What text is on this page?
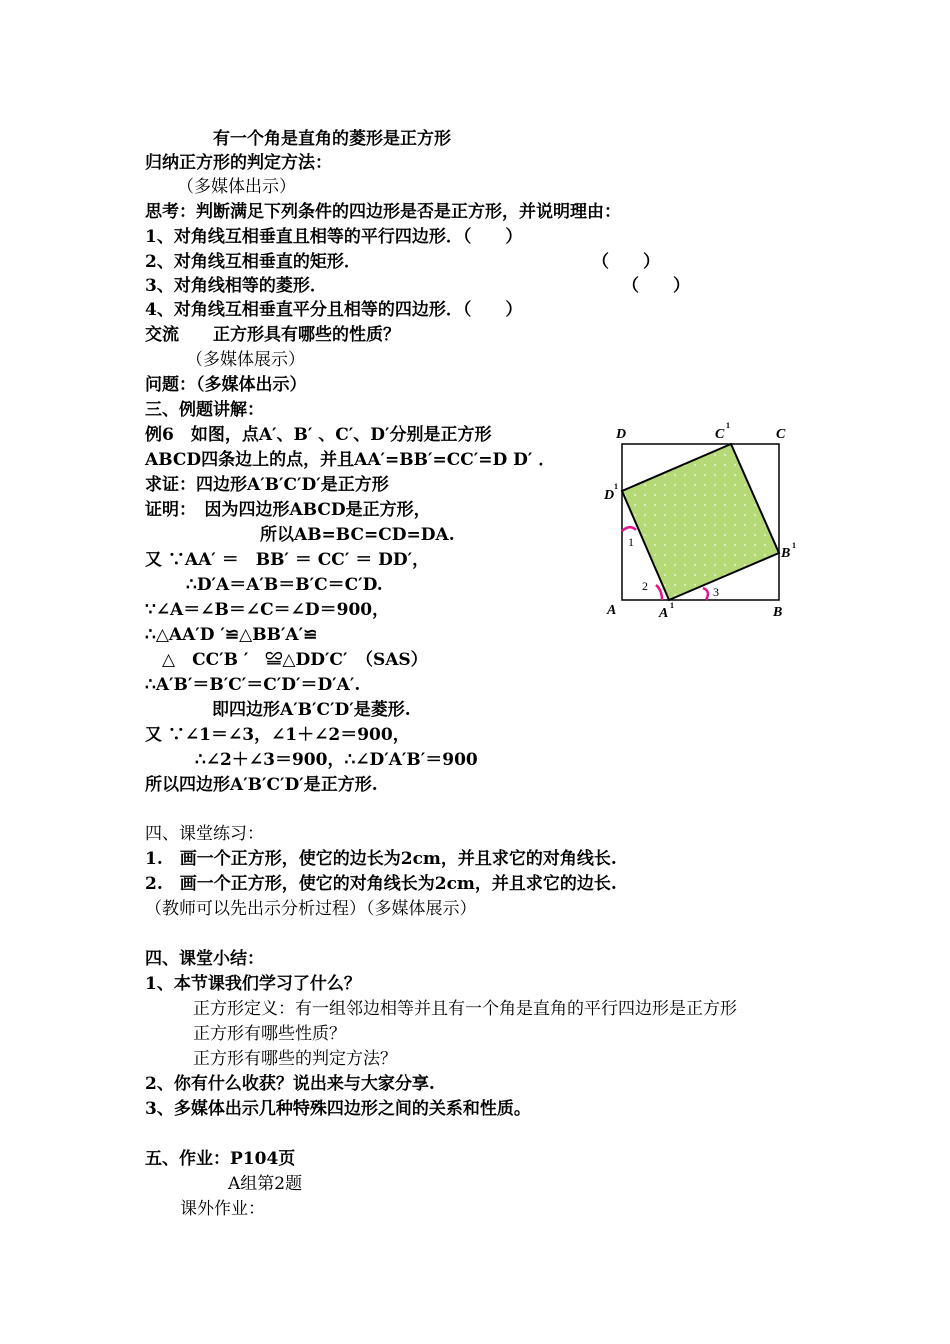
有一个角是直角的菱形是正方形
归纳正方形的判定方法：
（多媒体出示）
思考：判断满足下列条件的四边形是否是正方形，并说明理由：
1、对角线互相垂直且相等的平行四边形．（　　）
2、对角线互相垂直的矩形．	（　　）
3、对角线相等的菱形．	（　　）
4、对角线互相垂直平分且相等的四边形．（　　）
交流　　正方形具有哪些的性质？
（多媒体展示）
问题：（多媒体出示）
三、例题讲解：
例6　如图，点A′、B′ 、C′、D′分别是正方形
ABCD四条边上的点，并且AA′=BB′=CC′=D D′ ．
求证：四边形A′B′C′D′是正方形
证明：　因为四边形ABCD是正方形，
所以AB=BC=CD=DA.
又 ∵AA′ ＝　BB′ ＝ CC′ ＝ DD′，
∴D′A＝A′B＝B′C＝C′D.
∵∠A＝∠B＝∠C＝∠D＝900，
∴△AA′D ′≌△BB′A′≌
△　CC′B ′　≌△DD′C′　（SAS）
∴A′B′＝B′C′＝C′D′＝D′A′.
即四边形A′B′C′D′是菱形.
又 ∵∠1＝∠3，∠1＋∠2＝900，
∴∠2＋∠3＝900，∴∠D′A′B′＝900
所以四边形A′B′C′D′是正方形.
四、课堂练习：
1.　画一个正方形，使它的边长为2cm，并且求它的对角线长.
2.　画一个正方形，使它的对角线长为2cm，并且求它的边长.
（教师可以先出示分析过程）（多媒体展示）
四、课堂小结：
1、本节课我们学习了什么？
正方形定义：有一组邻边相等并且有一个角是直角的平行四边形是正方形
正方形有哪些性质？
正方形有哪些的判定方法？
2、你有什么收获？说出来与大家分享.
3、多媒体出示几种特殊四边形之间的关系和性质。
五、作业：P104页
A组第2题
课外作业：
D	C
1
C
D
1
B
1
A	A
1	B
1
2	3
